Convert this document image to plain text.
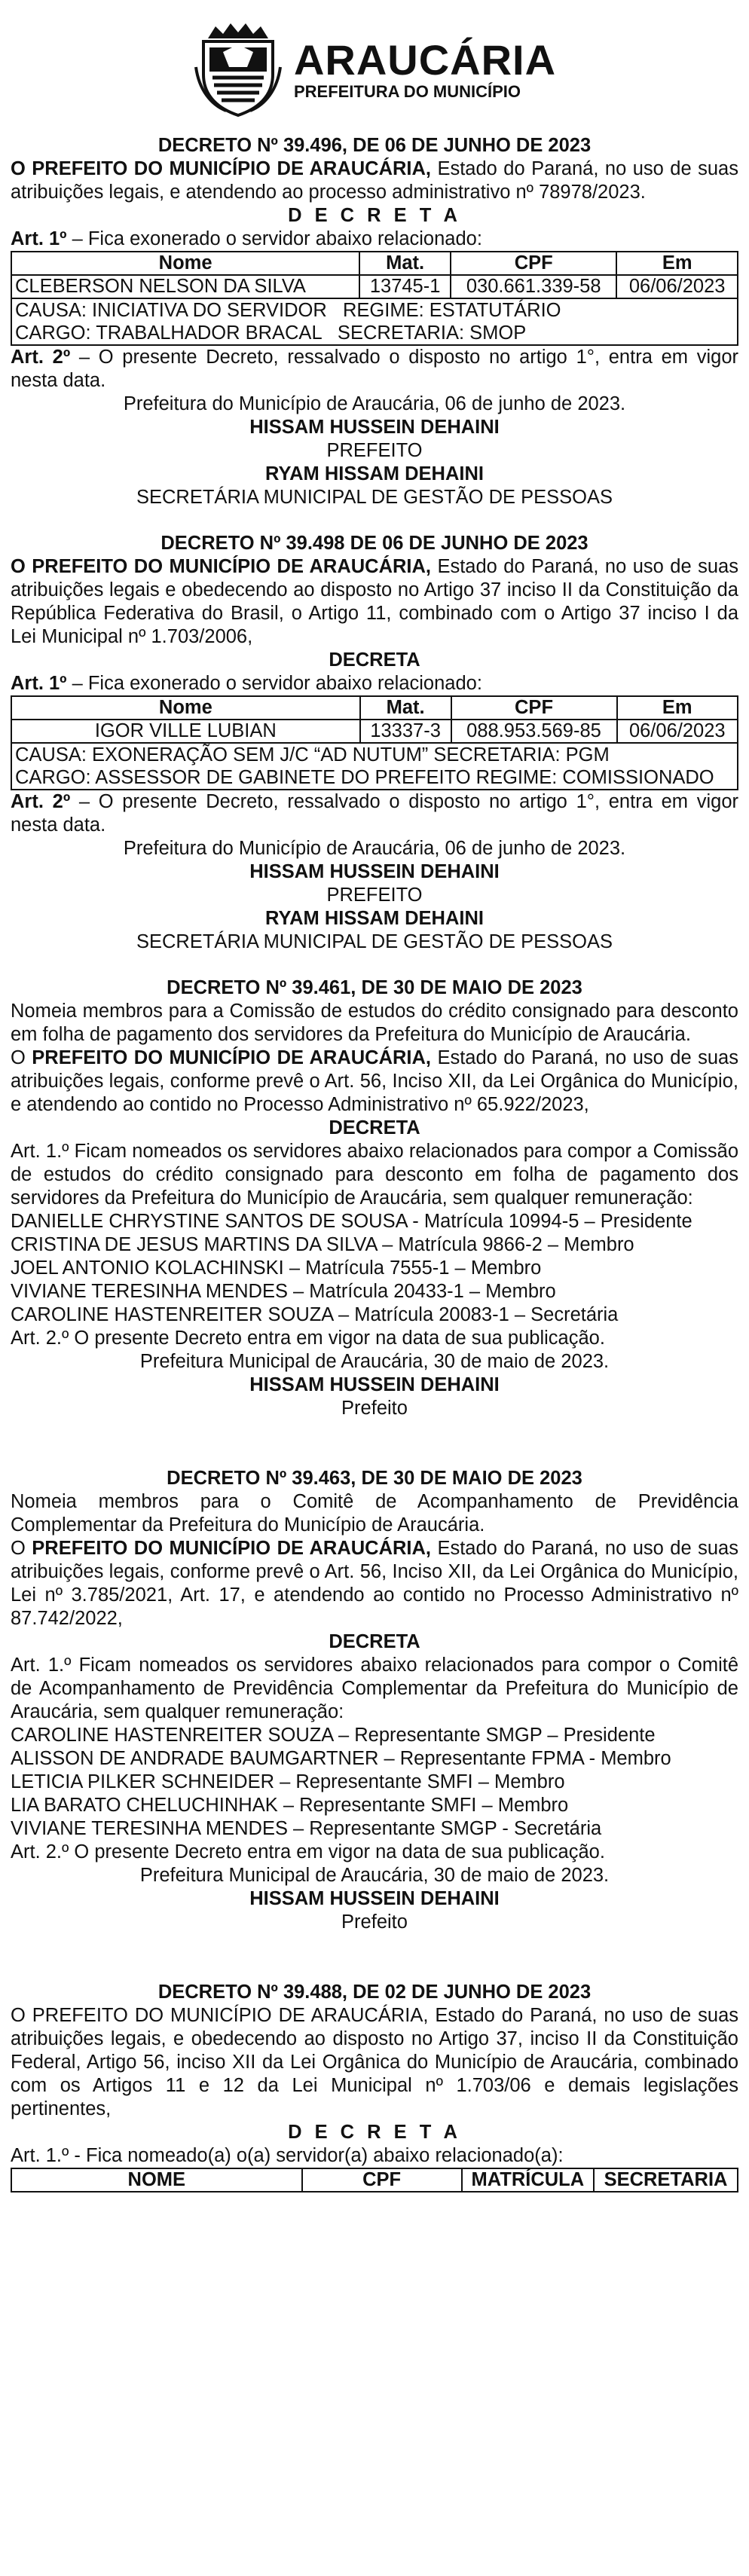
ARAUCÁRIA
PREFEITURA DO MUNICÍPIO

DECRETO Nº 39.496, DE 06 DE JUNHO DE 2023

O PREFEITO DO MUNICÍPIO DE ARAUCÁRIA, Estado do Paraná, no uso de suas atribuições legais, e atendendo ao processo administrativo nº 78978/2023.

D E C R E T A

Art. 1º – Fica exonerado o servidor abaixo relacionado:

Nome	Mat.	CPF	Em
CLEBERSON NELSON DA SILVA	13745-1	030.661.339-58	06/06/2023
CAUSA: INICIATIVA DO SERVIDOR   REGIME: ESTATUTÁRIO
CARGO: TRABALHADOR BRACAL   SECRETARIA: SMOP

Art. 2º – O presente Decreto, ressalvado o disposto no artigo 1°, entra em vigor nesta data.

Prefeitura do Município de Araucária, 06 de junho de 2023.

HISSAM HUSSEIN DEHAINI

PREFEITO

RYAM HISSAM DEHAINI

SECRETÁRIA MUNICIPAL DE GESTÃO DE PESSOAS

DECRETO Nº 39.498 DE 06 DE JUNHO DE 2023

O PREFEITO DO MUNICÍPIO DE ARAUCÁRIA, Estado do Paraná, no uso de suas atribuições legais e obedecendo ao disposto no Artigo 37 inciso II da Constituição da República Federativa do Brasil, o Artigo 11, combinado com o Artigo 37 inciso I da Lei Municipal nº 1.703/2006,

DECRETA

Art. 1º – Fica exonerado o servidor abaixo relacionado:

Nome	Mat.	CPF	Em
IGOR VILLE LUBIAN	13337-3	088.953.569-85	06/06/2023
CAUSA: EXONERAÇÃO SEM J/C “AD NUTUM” SECRETARIA: PGM
CARGO: ASSESSOR DE GABINETE DO PREFEITO REGIME: COMISSIONADO

Art. 2º – O presente Decreto, ressalvado o disposto no artigo 1°, entra em vigor nesta data.

Prefeitura do Município de Araucária, 06 de junho de 2023.

HISSAM HUSSEIN DEHAINI

PREFEITO

RYAM HISSAM DEHAINI

SECRETÁRIA MUNICIPAL DE GESTÃO DE PESSOAS

DECRETO Nº 39.461, DE 30 DE MAIO DE 2023

Nomeia membros para a Comissão de estudos do crédito consignado para desconto em folha de pagamento dos servidores da Prefeitura do Município de Araucária.

O PREFEITO DO MUNICÍPIO DE ARAUCÁRIA, Estado do Paraná, no uso de suas atribuições legais, conforme prevê o Art. 56, Inciso XII, da Lei Orgânica do Município, e atendendo ao contido no Processo Administrativo nº 65.922/2023,

DECRETA

Art. 1.º Ficam nomeados os servidores abaixo relacionados para compor a Comissão de estudos do crédito consignado para desconto em folha de pagamento dos servidores da Prefeitura do Município de Araucária, sem qualquer remuneração:

DANIELLE CHRYSTINE SANTOS DE SOUSA - Matrícula 10994-5 – Presidente

CRISTINA DE JESUS MARTINS DA SILVA – Matrícula 9866-2 – Membro

JOEL ANTONIO KOLACHINSKI – Matrícula 7555-1 – Membro

VIVIANE TERESINHA MENDES – Matrícula 20433-1 – Membro

CAROLINE HASTENREITER SOUZA – Matrícula 20083-1 – Secretária

Art. 2.º O presente Decreto entra em vigor na data de sua publicação.

Prefeitura Municipal de Araucária, 30 de maio de 2023.

HISSAM HUSSEIN DEHAINI

Prefeito

DECRETO Nº 39.463, DE 30 DE MAIO DE 2023

Nomeia membros para o Comitê de Acompanhamento de Previdência Complementar da Prefeitura do Município de Araucária.

O PREFEITO DO MUNICÍPIO DE ARAUCÁRIA, Estado do Paraná, no uso de suas atribuições legais, conforme prevê o Art. 56, Inciso XII, da Lei Orgânica do Município, Lei nº 3.785/2021, Art. 17, e atendendo ao contido no Processo Administrativo nº 87.742/2022,

DECRETA

Art. 1.º Ficam nomeados os servidores abaixo relacionados para compor o Comitê de Acompanhamento de Previdência Complementar da Prefeitura do Município de Araucária, sem qualquer remuneração:

CAROLINE HASTENREITER SOUZA – Representante SMGP – Presidente

ALISSON DE ANDRADE BAUMGARTNER – Representante FPMA - Membro

LETICIA PILKER SCHNEIDER – Representante SMFI – Membro

LIA BARATO CHELUCHINHAK – Representante SMFI – Membro

VIVIANE TERESINHA MENDES – Representante SMGP - Secretária

Art. 2.º O presente Decreto entra em vigor na data de sua publicação.

Prefeitura Municipal de Araucária, 30 de maio de 2023.

HISSAM HUSSEIN DEHAINI

Prefeito

DECRETO Nº 39.488, DE 02 DE JUNHO DE 2023

O PREFEITO DO MUNICÍPIO DE ARAUCÁRIA, Estado do Paraná, no uso de suas atribuições legais, e obedecendo ao disposto no Artigo 37, inciso II da Constituição Federal, Artigo 56, inciso XII da Lei Orgânica do Município de Araucária, combinado com os Artigos 11 e 12 da Lei Municipal nº 1.703/06 e demais legislações pertinentes,

D E C R E T A

Art. 1.º - Fica nomeado(a) o(a) servidor(a) abaixo relacionado(a):

NOME	CPF	MATRÍCULA	SECRETARIA
